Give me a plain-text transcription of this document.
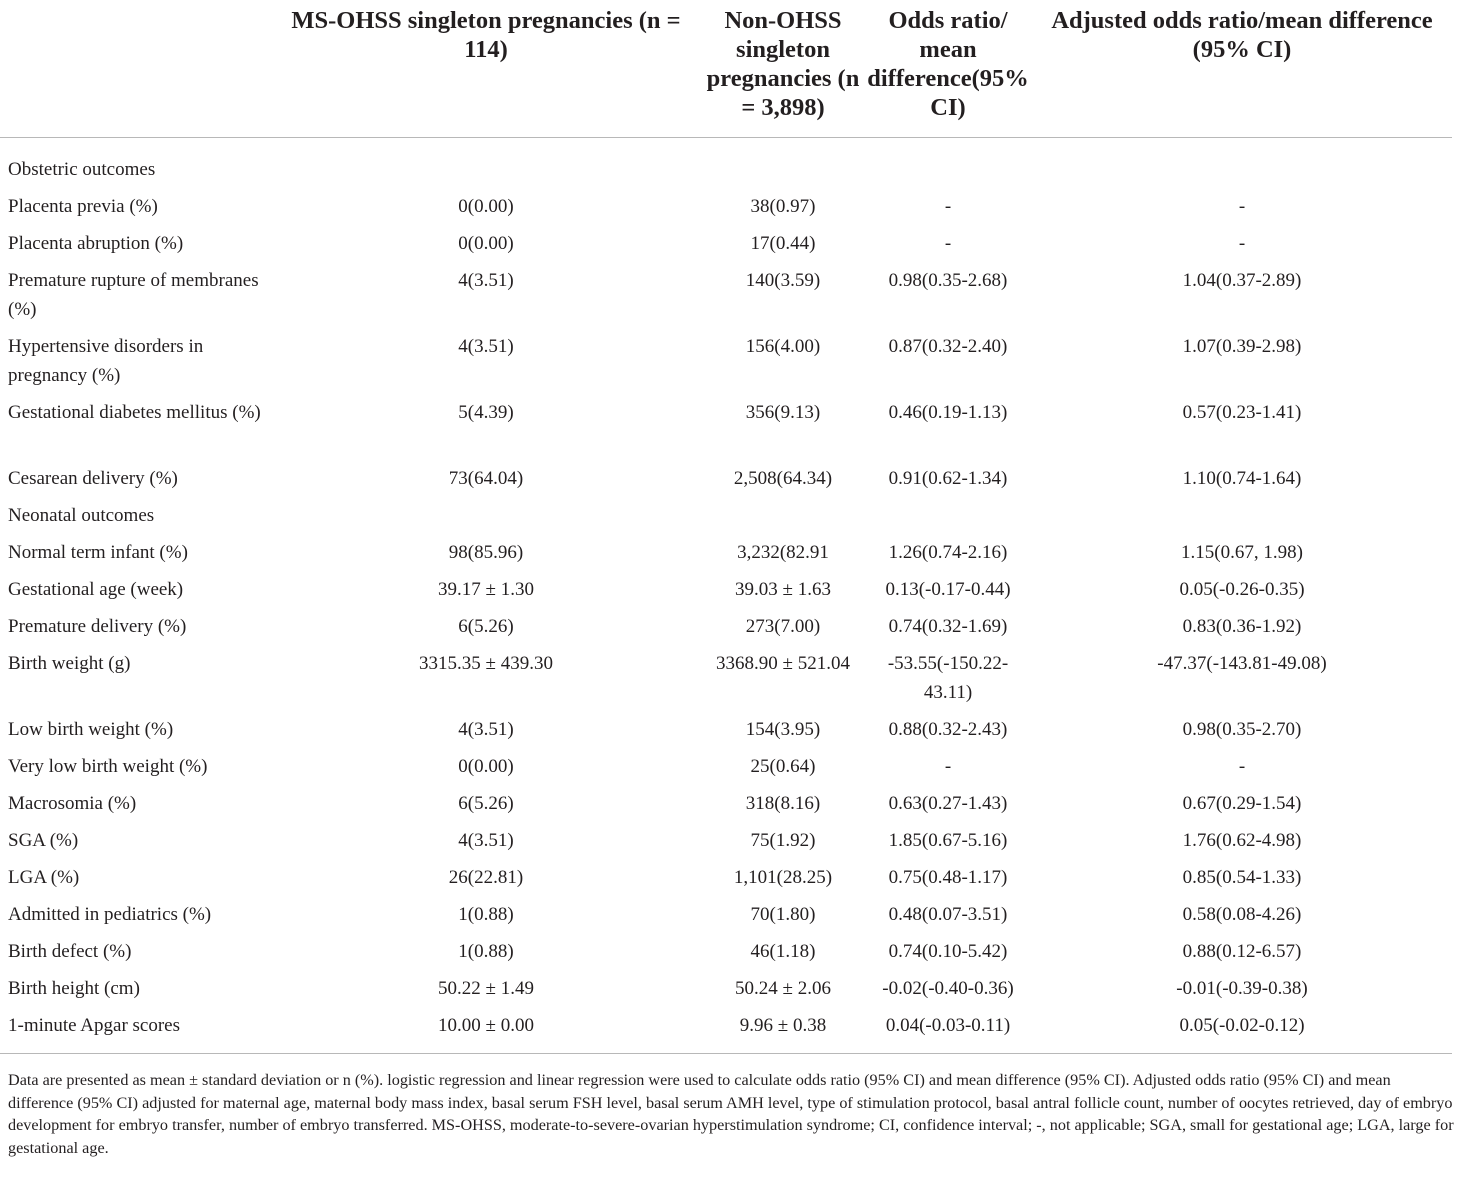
	MS-OHSS singleton pregnancies (n = 114)	Non-OHSS singleton pregnancies (n = 3,898)	Odds ratio/ mean difference(95% CI)	Adjusted odds ratio/mean difference (95% CI)
Obstetric outcomes				
Placenta previa (%)	0(0.00)	38(0.97)	-	-
Placenta abruption (%)	0(0.00)	17(0.44)	-	-
Premature rupture of membranes (%)	4(3.51)	140(3.59)	0.98(0.35-2.68)	1.04(0.37-2.89)
Hypertensive disorders in pregnancy (%)	4(3.51)	156(4.00)	0.87(0.32-2.40)	1.07(0.39-2.98)
Gestational diabetes mellitus (%)	5(4.39)	356(9.13)	0.46(0.19-1.13)	0.57(0.23-1.41)
Cesarean delivery (%)	73(64.04)	2,508(64.34)	0.91(0.62-1.34)	1.10(0.74-1.64)
Neonatal outcomes				
Normal term infant (%)	98(85.96)	3,232(82.91	1.26(0.74-2.16)	1.15(0.67, 1.98)
Gestational age (week)	39.17 ± 1.30	39.03 ± 1.63	0.13(-0.17-0.44)	0.05(-0.26-0.35)
Premature delivery (%)	6(5.26)	273(7.00)	0.74(0.32-1.69)	0.83(0.36-1.92)
Birth weight (g)	3315.35 ± 439.30	3368.90 ± 521.04	-53.55(-150.22-43.11)	-47.37(-143.81-49.08)
Low birth weight (%)	4(3.51)	154(3.95)	0.88(0.32-2.43)	0.98(0.35-2.70)
Very low birth weight (%)	0(0.00)	25(0.64)	-	-
Macrosomia (%)	6(5.26)	318(8.16)	0.63(0.27-1.43)	0.67(0.29-1.54)
SGA (%)	4(3.51)	75(1.92)	1.85(0.67-5.16)	1.76(0.62-4.98)
LGA (%)	26(22.81)	1,101(28.25)	0.75(0.48-1.17)	0.85(0.54-1.33)
Admitted in pediatrics (%)	1(0.88)	70(1.80)	0.48(0.07-3.51)	0.58(0.08-4.26)
Birth defect (%)	1(0.88)	46(1.18)	0.74(0.10-5.42)	0.88(0.12-6.57)
Birth height (cm)	50.22 ± 1.49	50.24 ± 2.06	-0.02(-0.40-0.36)	-0.01(-0.39-0.38)
1-minute Apgar scores	10.00 ± 0.00	9.96 ± 0.38	0.04(-0.03-0.11)	0.05(-0.02-0.12)
Data are presented as mean ± standard deviation or n (%). logistic regression and linear regression were used to calculate odds ratio (95% CI) and mean difference (95% CI). Adjusted odds ratio (95% CI) and mean difference (95% CI) adjusted for maternal age, maternal body mass index, basal serum FSH level, basal serum AMH level, type of stimulation protocol, basal antral follicle count, number of oocytes retrieved, day of embryo development for embryo transfer, number of embryo transferred. MS-OHSS, moderate-to-severe-ovarian hyperstimulation syndrome; CI, confidence interval; -, not applicable; SGA, small for gestational age; LGA, large for gestational age.
